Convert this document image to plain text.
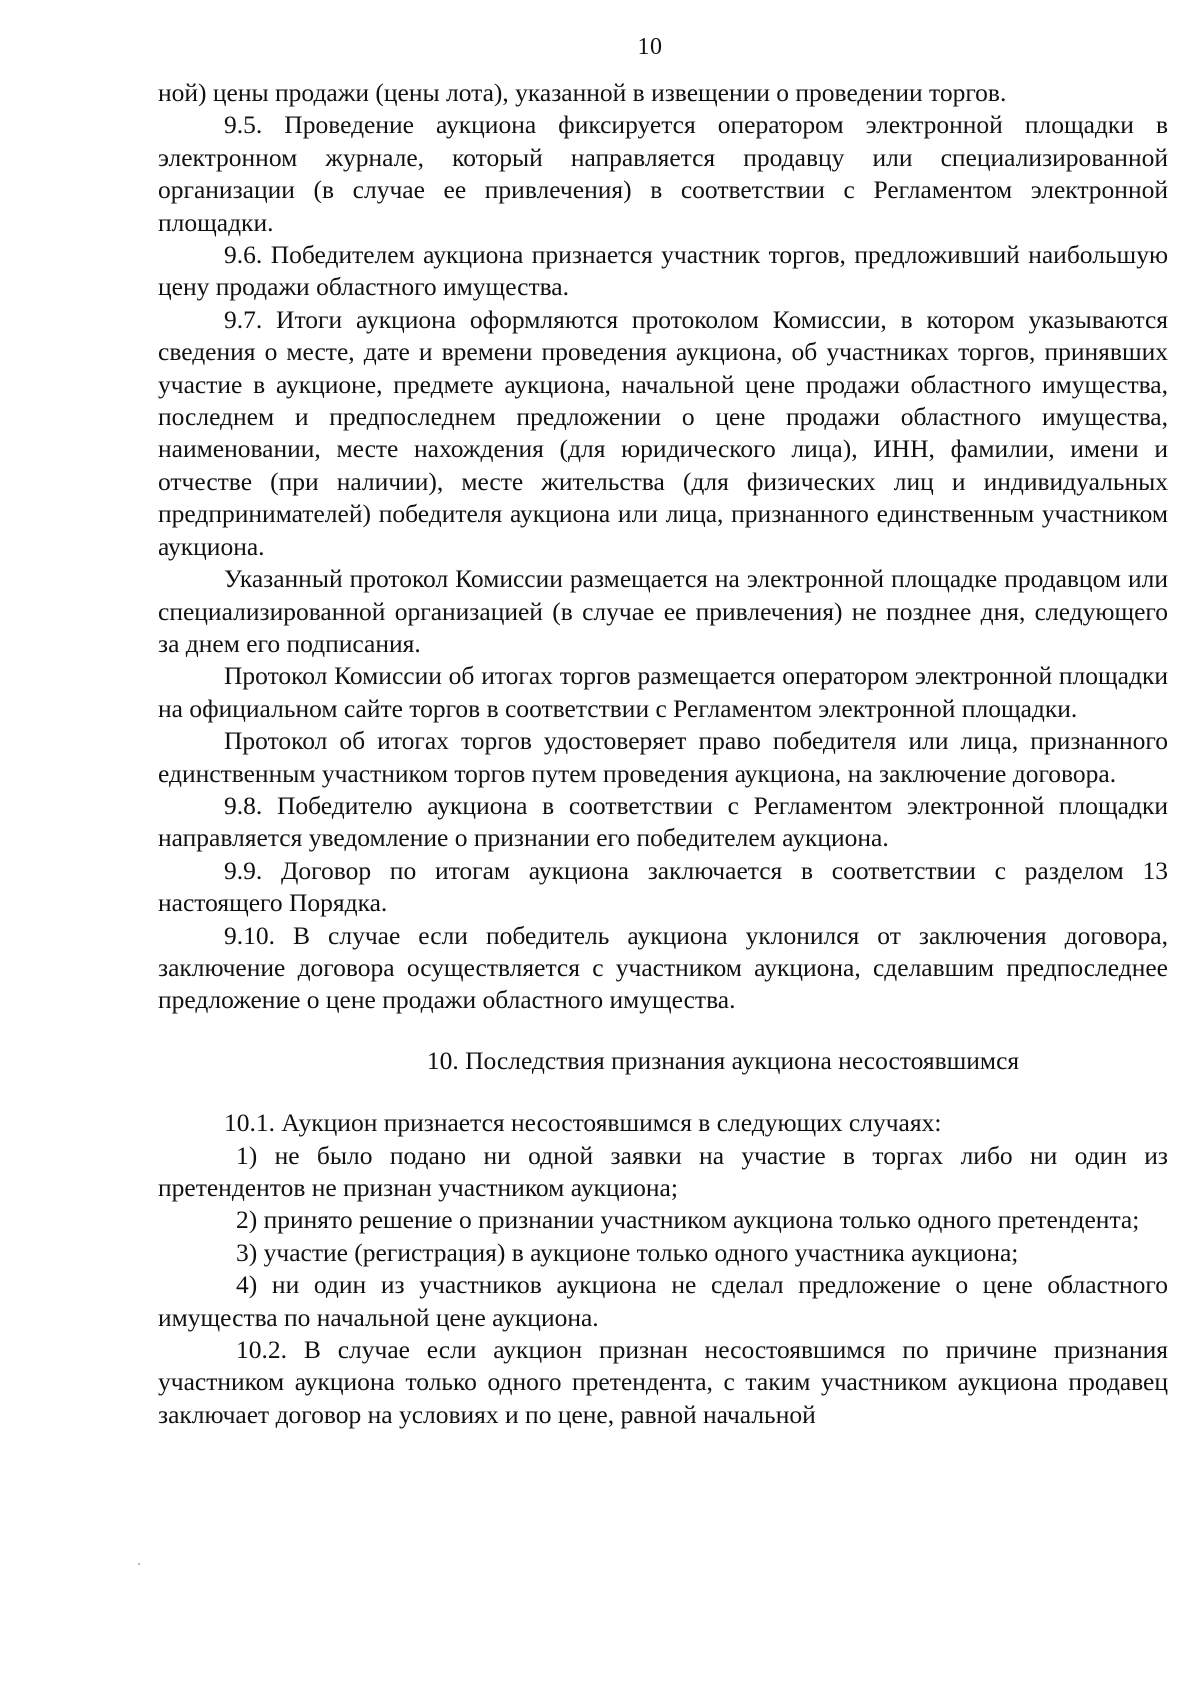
10

ной) цены продажи (цены лота), указанной в извещении о проведении торгов.

9.5. Проведение аукциона фиксируется оператором электронной площадки в электронном журнале, который направляется продавцу или специализированной организации (в случае ее привлечения) в соответствии с Регламентом электронной площадки.

9.6. Победителем аукциона признается участник торгов, предложивший наибольшую цену продажи областного имущества.

9.7. Итоги аукциона оформляются протоколом Комиссии, в котором указываются сведения о месте, дате и времени проведения аукциона, об участниках торгов, принявших участие в аукционе, предмете аукциона, начальной цене продажи областного имущества, последнем и предпоследнем предложении о цене продажи областного имущества, наименовании, месте нахождения (для юридического лица), ИНН, фамилии, имени и отчестве (при наличии), месте жительства (для физических лиц и индивидуальных предпринимателей) победителя аукциона или лица, признанного единственным участником аукциона.

Указанный протокол Комиссии размещается на электронной площадке продавцом или специализированной организацией (в случае ее привлечения) не позднее дня, следующего за днем его подписания.

Протокол Комиссии об итогах торгов размещается оператором электронной площадки на официальном сайте торгов в соответствии с Регламентом электронной площадки.

Протокол об итогах торгов удостоверяет право победителя или лица, признанного единственным участником торгов путем проведения аукциона, на заключение договора.

9.8. Победителю аукциона в соответствии с Регламентом электронной площадки направляется уведомление о признании его победителем аукциона.

9.9. Договор по итогам аукциона заключается в соответствии с разделом 13 настоящего Порядка.

9.10. В случае если победитель аукциона уклонился от заключения договора, заключение договора осуществляется с участником аукциона, сделавшим предпоследнее предложение о цене продажи областного имущества.

10. Последствия признания аукциона несостоявшимся

10.1. Аукцион признается несостоявшимся в следующих случаях:

1) не было подано ни одной заявки на участие в торгах либо ни один из претендентов не признан участником аукциона;

2) принято решение о признании участником аукциона только одного претендента;

3) участие (регистрация) в аукционе только одного участника аукциона;

4) ни один из участников аукциона не сделал предложение о цене областного имущества по начальной цене аукциона.

10.2. В случае если аукцион признан несостоявшимся по причине признания участником аукциона только одного претендента, с таким участником аукциона продавец заключает договор на условиях и по цене, равной начальной
